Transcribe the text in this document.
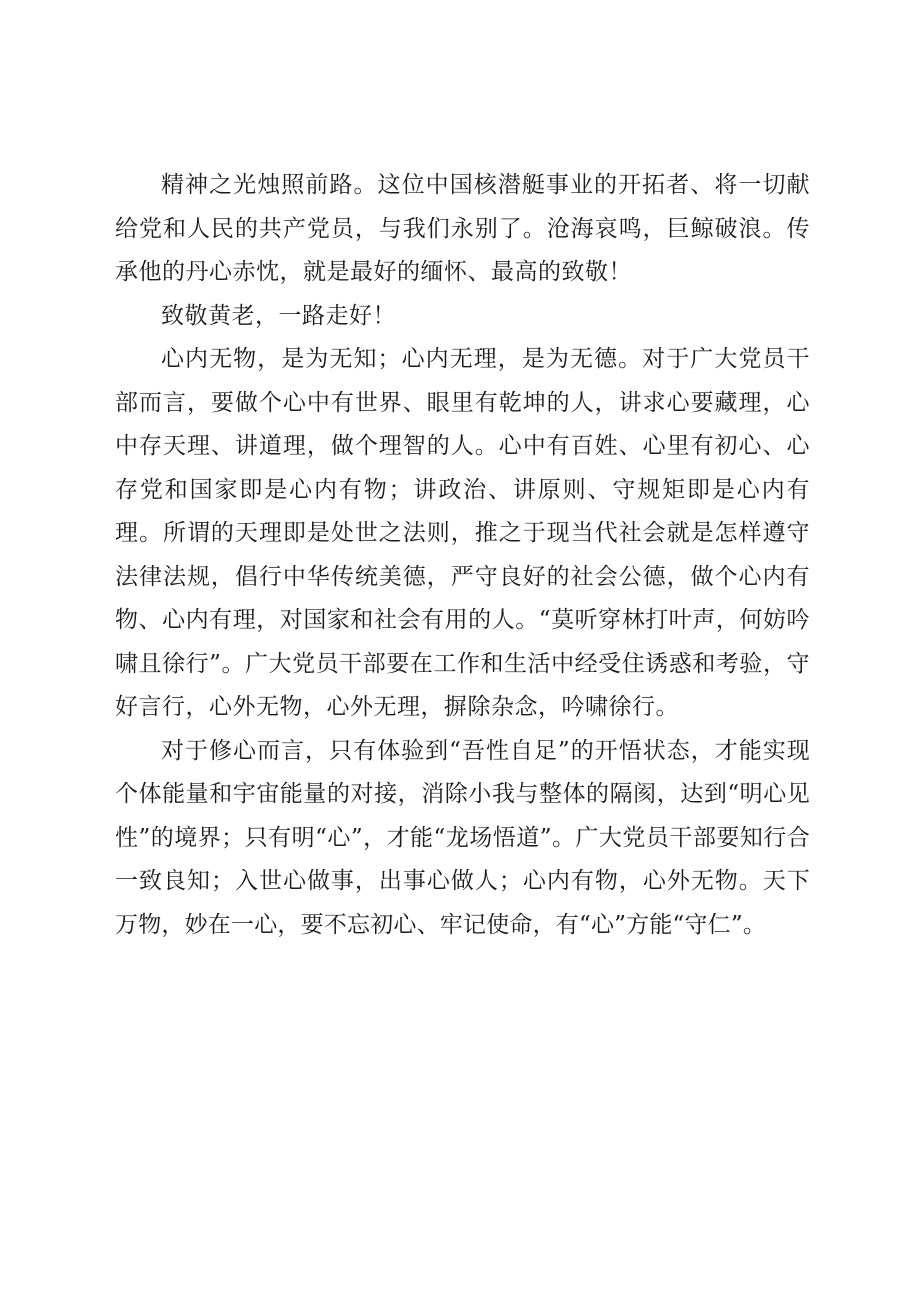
精神之光烛照前路。这位中国核潜艇事业的开拓者、将一切献给党和人民的共产党员，与我们永别了。沧海哀鸣，巨鲸破浪。传承他的丹心赤忱，就是最好的缅怀、最高的致敬！

致敬黄老，一路走好！

心内无物，是为无知；心内无理，是为无德。对于广大党员干部而言，要做个心中有世界、眼里有乾坤的人，讲求心要藏理，心中存天理、讲道理，做个理智的人。心中有百姓、心里有初心、心存党和国家即是心内有物；讲政治、讲原则、守规矩即是心内有理。所谓的天理即是处世之法则，推之于现当代社会就是怎样遵守法律法规，倡行中华传统美德，严守良好的社会公德，做个心内有物、心内有理，对国家和社会有用的人。“莫听穿林打叶声，何妨吟啸且徐行”。广大党员干部要在工作和生活中经受住诱惑和考验，守好言行，心外无物，心外无理，摒除杂念，吟啸徐行。

对于修心而言，只有体验到“吾性自足”的开悟状态，才能实现个体能量和宇宙能量的对接，消除小我与整体的隔阂，达到“明心见性”的境界；只有明“心”，才能“龙场悟道”。广大党员干部要知行合一致良知；入世心做事，出事心做人；心内有物，心外无物。天下万物，妙在一心，要不忘初心、牢记使命，有“心”方能“守仁”。
